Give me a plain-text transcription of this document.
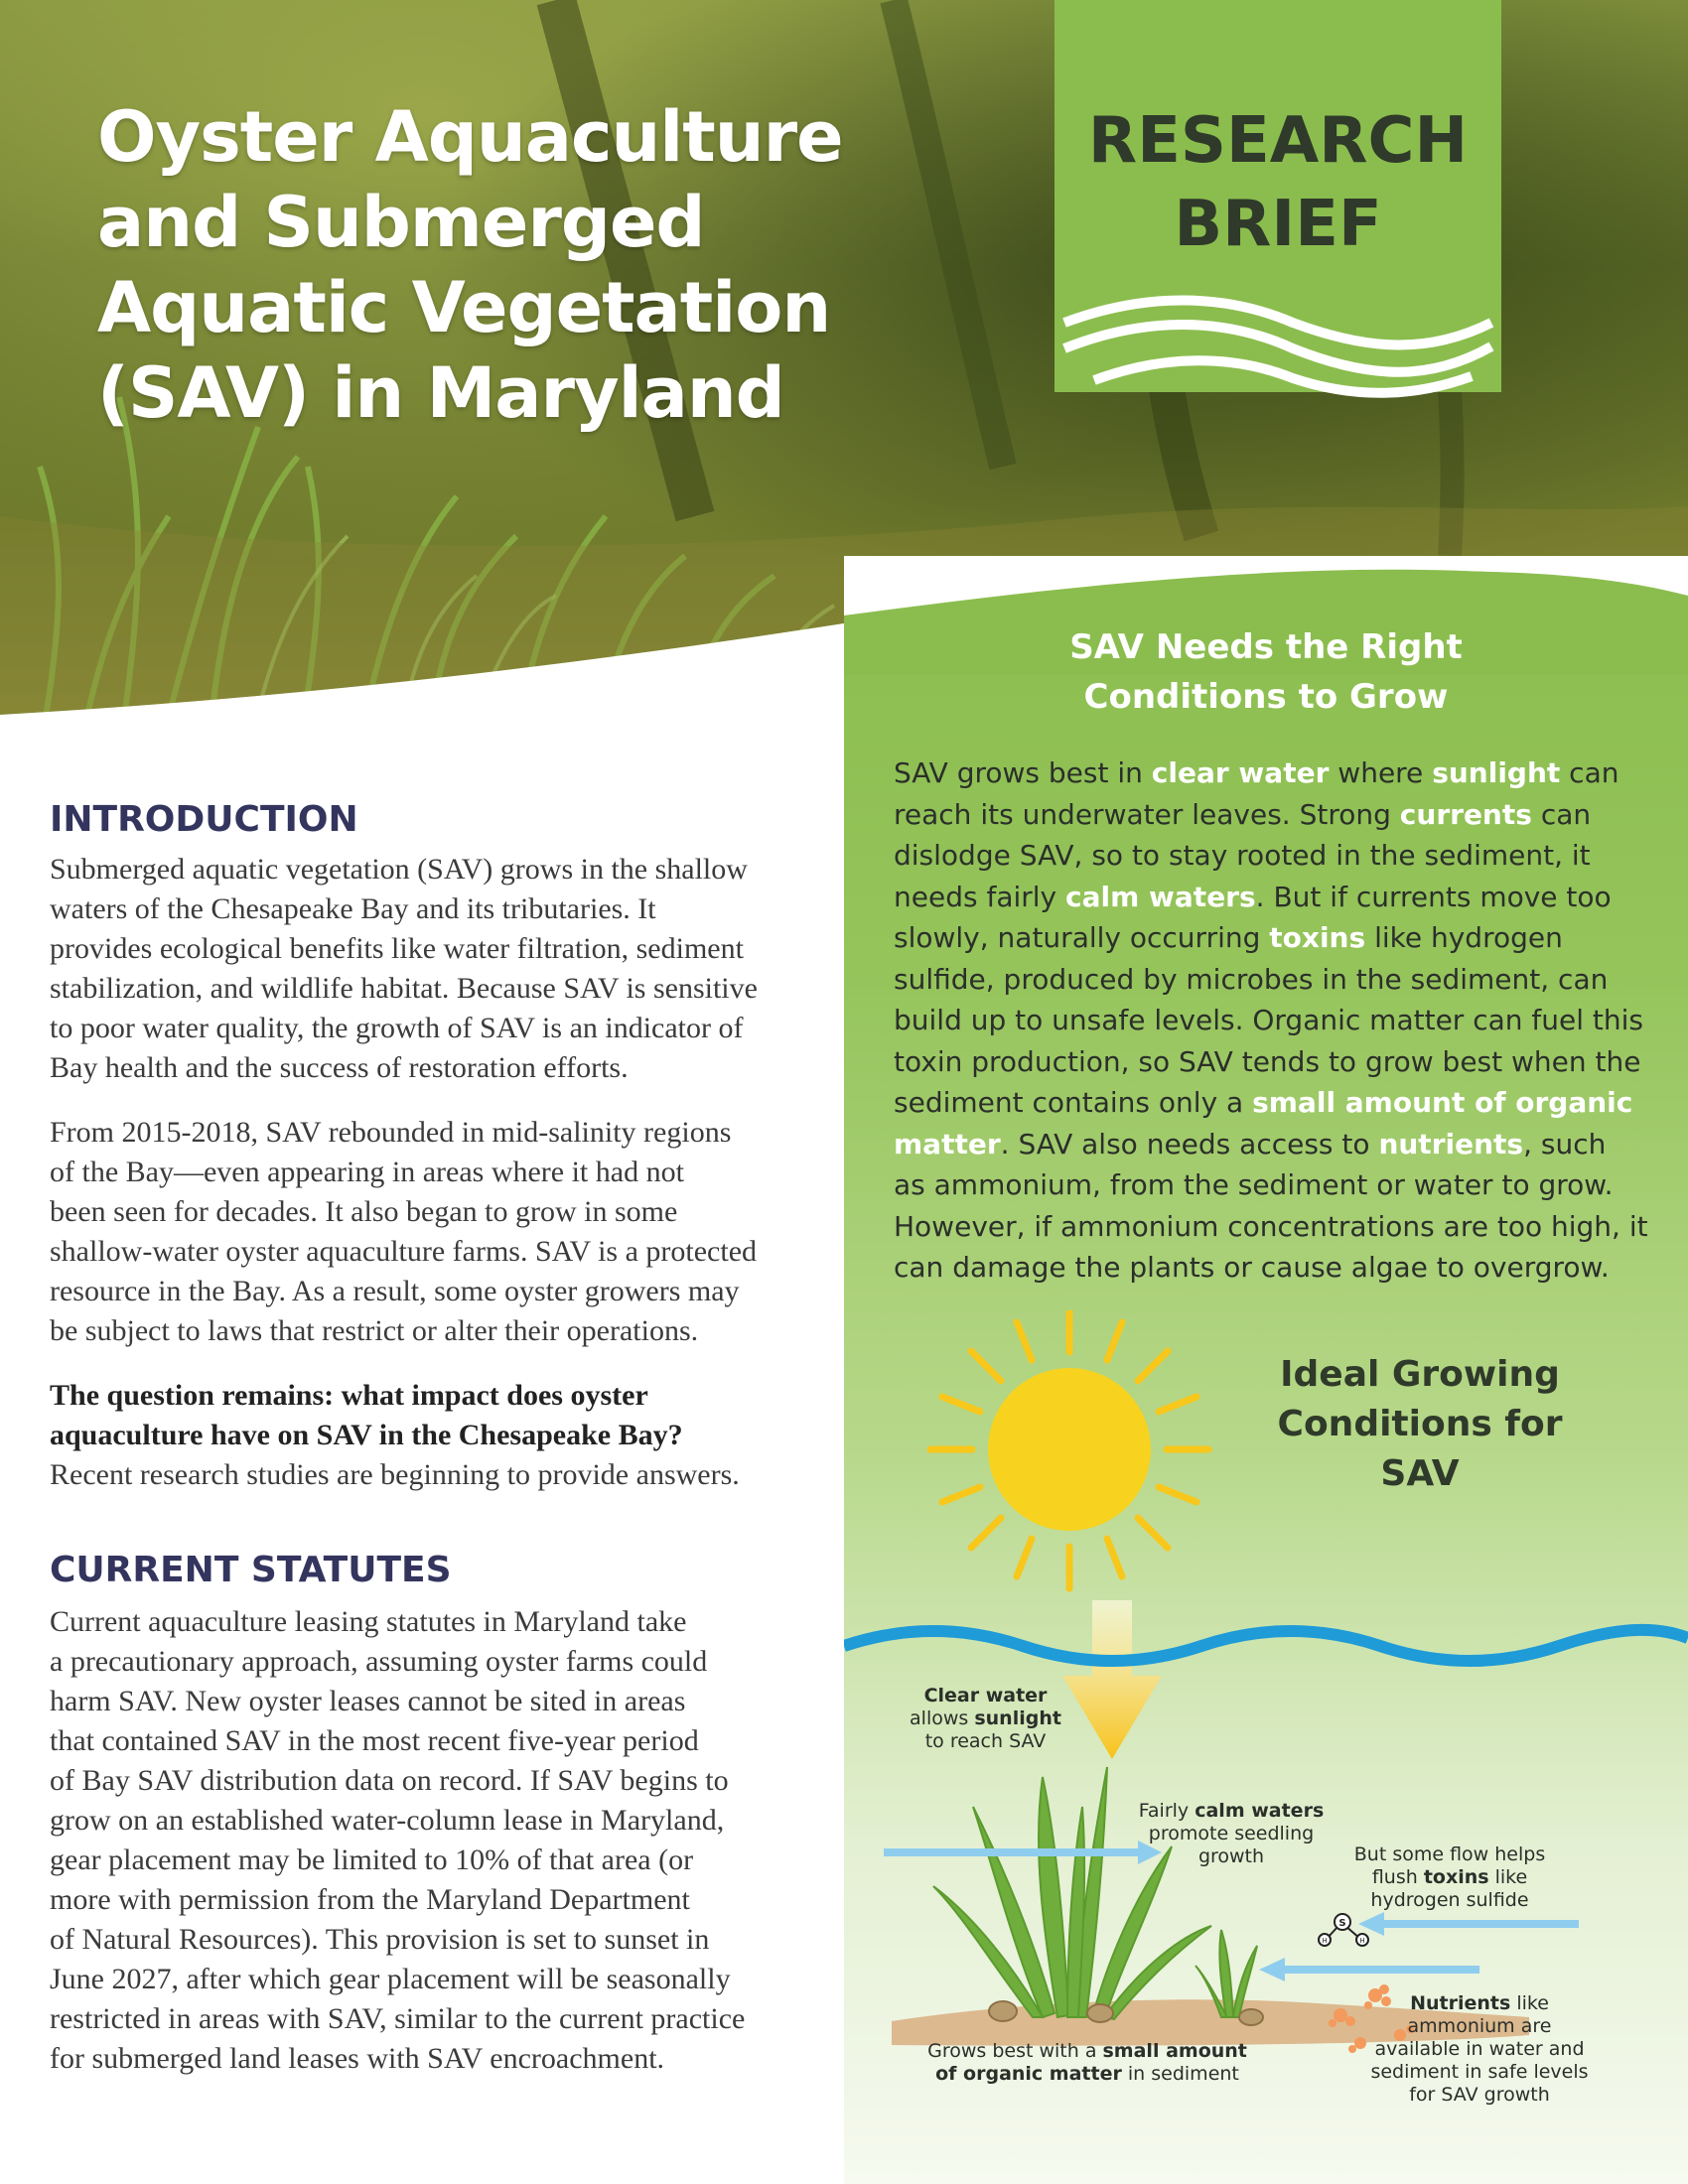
Oyster Aquaculture
and Submerged
Aquatic Vegetation
(SAV) in Maryland
RESEARCH
BRIEF
SAV Needs the Right
Conditions to Grow
SAV grows best in clear water where sunlight can
reach its underwater leaves. Strong currents can
dislodge SAV, so to stay rooted in the sediment, it
needs fairly calm waters. But if currents move too
slowly, naturally occurring toxins like hydrogen
sulfide, produced by microbes in the sediment, can
build up to unsafe levels. Organic matter can fuel this
toxin production, so SAV tends to grow best when the
sediment contains only a small amount of organic
matter. SAV also needs access to nutrients, such
as ammonium, from the sediment or water to grow.
However, if ammonium concentrations are too high, it
can damage the plants or cause algae to overgrow.
INTRODUCTION
Submerged aquatic vegetation (SAV) grows in the shallow
waters of the Chesapeake Bay and its tributaries. It
provides ecological benefits like water filtration, sediment
stabilization, and wildlife habitat. Because SAV is sensitive
to poor water quality, the growth of SAV is an indicator of
Bay health and the success of restoration efforts.
From 2015-2018, SAV rebounded in mid-salinity regions
of the Bay—even appearing in areas where it had not
been seen for decades. It also began to grow in some
shallow-water oyster aquaculture farms. SAV is a protected
resource in the Bay. As a result, some oyster growers may
be subject to laws that restrict or alter their operations.
The question remains: what impact does oyster
aquaculture have on SAV in the Chesapeake Bay?
Recent research studies are beginning to provide answers.
CURRENT STATUTES
Current aquaculture leasing statutes in Maryland take
a precautionary approach, assuming oyster farms could
harm SAV. New oyster leases cannot be sited in areas
that contained SAV in the most recent five-year period
of Bay SAV distribution data on record. If SAV begins to
grow on an established water-column lease in Maryland,
gear placement may be limited to 10% of that area (or
more with permission from the Maryland Department
of Natural Resources). This provision is set to sunset in
June 2027, after which gear placement will be seasonally
restricted in areas with SAV, similar to the current practice
for submerged land leases with SAV encroachment.
Ideal Growing
Conditions for
SAV
S
H	H
Clear water
allows sunlight
to reach SAV
Fairly calm waters
promote seedling
growth	But some flow helps
flush toxins like
hydrogen sulfide
Grows best with a small amount
of organic matter in sediment
Nutrients like
ammonium are
available in water and
sediment in safe levels
for SAV growth
